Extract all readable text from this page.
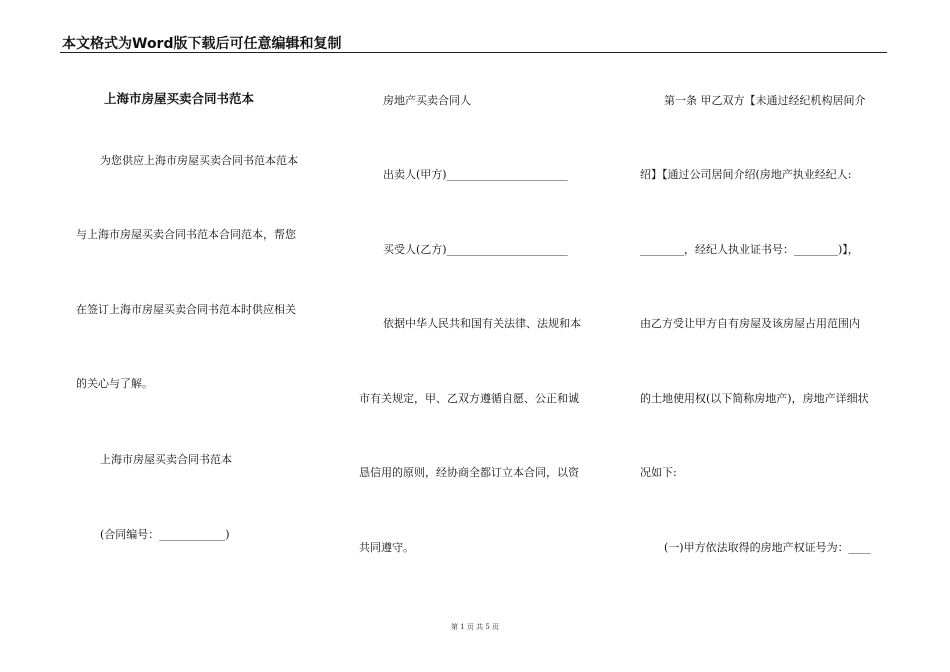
本文格式为Word版下载后可任意编辑和复制
上海市房屋买卖合同书范本
为您供应上海市房屋买卖合同书范本范本
与上海市房屋买卖合同书范本合同范本，帮您
在签订上海市房屋买卖合同书范本时供应相关
的关心与了解。
上海市房屋买卖合同书范本
(合同编号：____________)
房地产买卖合同人
出卖人(甲方)______________________
买受人(乙方)______________________
依据中华人民共和国有关法律、法规和本
市有关规定，甲、乙双方遵循自愿、公正和诚
恳信用的原则，经协商全都订立本合同，以资
共同遵守。
第一条 甲乙双方【未通过经纪机构居间介
绍】【通过公司居间介绍(房地产执业经纪人:
________，经纪人执业证书号：________)】，
由乙方受让甲方自有房屋及该房屋占用范围内
的土地使用权(以下简称房地产)，房地产详细状
况如下:
(一)甲方依法取得的房地产权证号为：____
第 1 页 共 5 页
